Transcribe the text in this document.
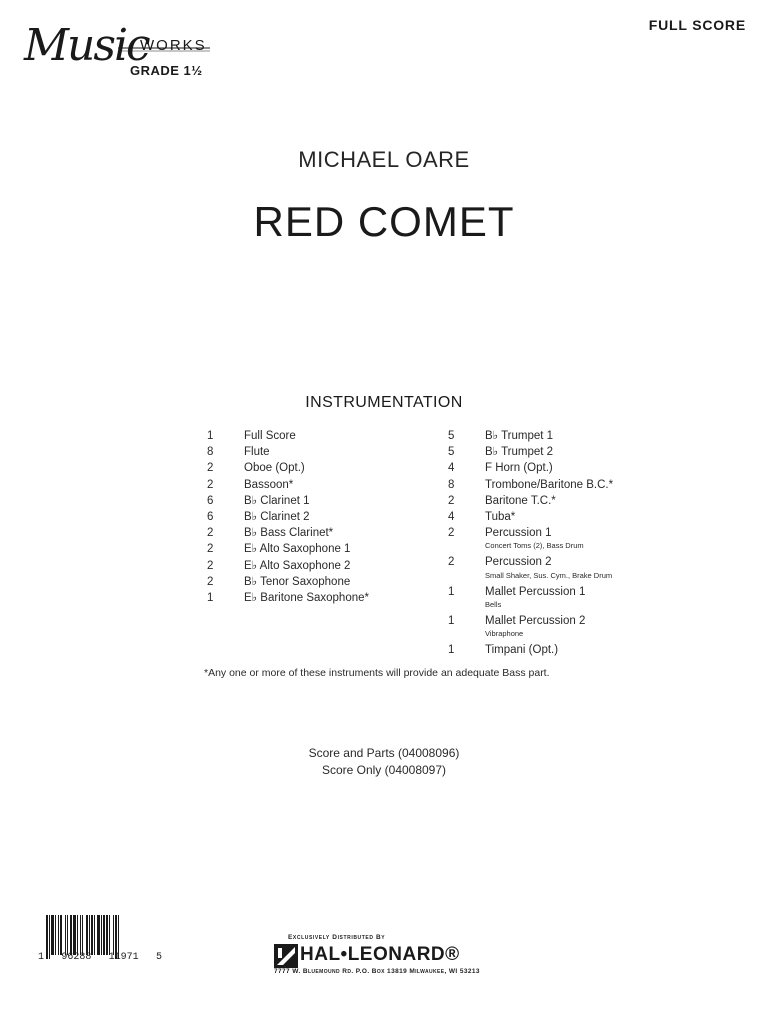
Music
WORKS
GRADE 1½
FULL SCORE
MICHAEL OARE
RED COMET
INSTRUMENTATION
1	Full Score
8	Flute
2	Oboe (Opt.)
2	Bassoon*
6	B♭ Clarinet 1
6	B♭ Clarinet 2
2	B♭ Bass Clarinet*
2	E♭ Alto Saxophone 1
2	E♭ Alto Saxophone 2
2	B♭ Tenor Saxophone
1	E♭ Baritone Saxophone*
5	B♭ Trumpet 1
5	B♭ Trumpet 2
4	F Horn (Opt.)
8	Trombone/Baritone B.C.*
2	Baritone T.C.*
4	Tuba*
2	Percussion 1
Concert Toms (2), Bass Drum
2	Percussion 2
Small Shaker, Sus. Cym., Brake Drum
1	Mallet Percussion 1
Bells
1	Mallet Percussion 2
Vibraphone
1	Timpani (Opt.)
*Any one or more of these instruments will provide an adequate Bass part.
Score and Parts (04008096)
Score Only (04008097)
1 96288 11971 5
Exclusively Distributed By
HAL•LEONARD®
7777 W. Bluemound Rd. P.O. Box 13819 Milwaukee, WI 53213
